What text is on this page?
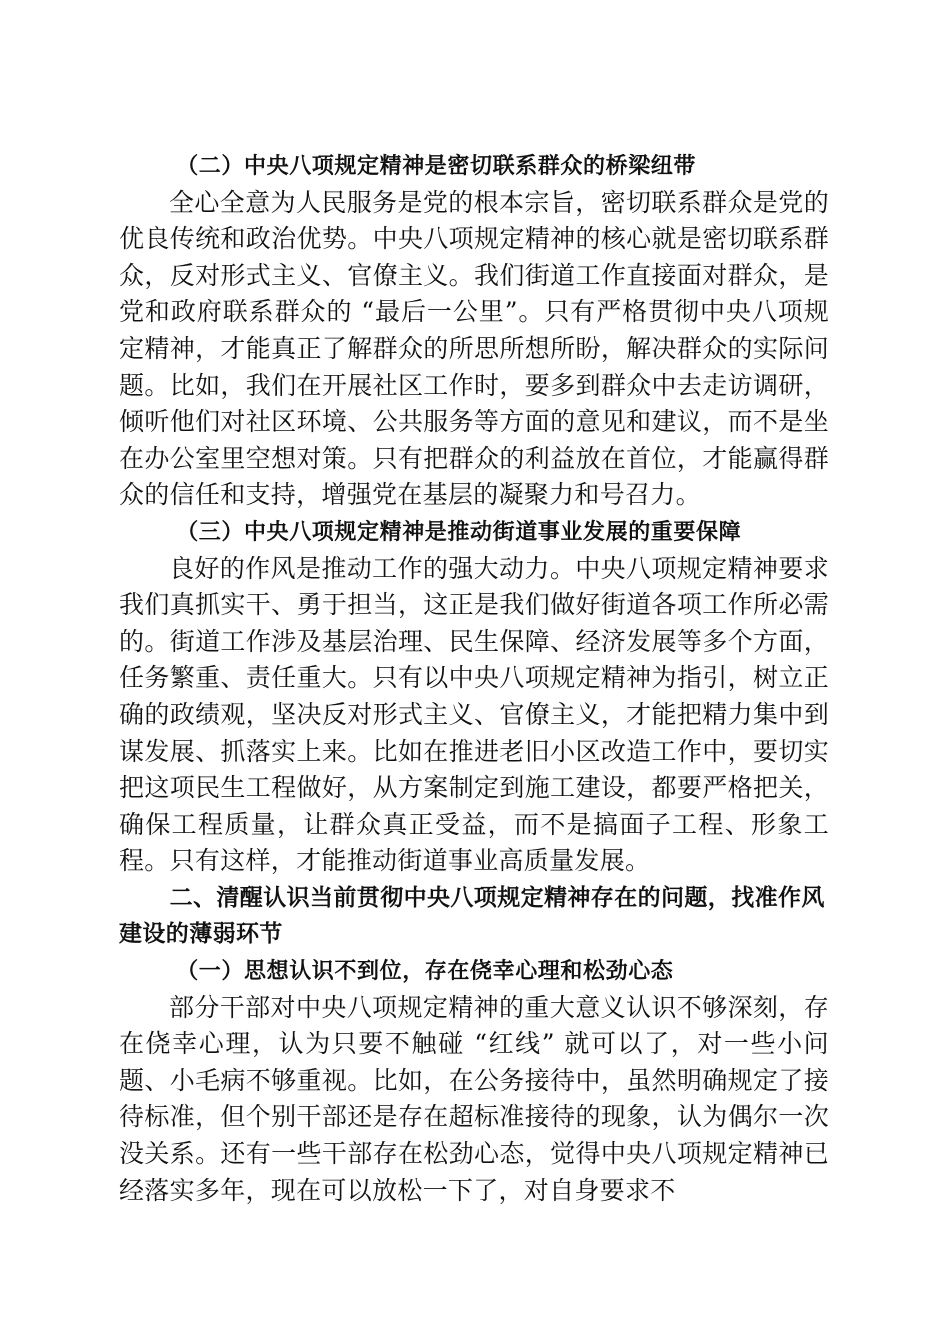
（二）中央八项规定精神是密切联系群众的桥梁纽带

全心全意为人民服务是党的根本宗旨，密切联系群众是党的优良传统和政治优势。中央八项规定精神的核心就是密切联系群众，反对形式主义、官僚主义。我们街道工作直接面对群众，是党和政府联系群众的 “最后一公里”。只有严格贯彻中央八项规定精神，才能真正了解群众的所思所想所盼，解决群众的实际问题。比如，我们在开展社区工作时，要多到群众中去走访调研，倾听他们对社区环境、公共服务等方面的意见和建议，而不是坐在办公室里空想对策。只有把群众的利益放在首位，才能赢得群众的信任和支持，增强党在基层的凝聚力和号召力。

（三）中央八项规定精神是推动街道事业发展的重要保障

良好的作风是推动工作的强大动力。中央八项规定精神要求我们真抓实干、勇于担当，这正是我们做好街道各项工作所必需的。街道工作涉及基层治理、民生保障、经济发展等多个方面，任务繁重、责任重大。只有以中央八项规定精神为指引，树立正确的政绩观，坚决反对形式主义、官僚主义，才能把精力集中到谋发展、抓落实上来。比如在推进老旧小区改造工作中，要切实把这项民生工程做好，从方案制定到施工建设，都要严格把关，确保工程质量，让群众真正受益，而不是搞面子工程、形象工程。只有这样，才能推动街道事业高质量发展。

二、清醒认识当前贯彻中央八项规定精神存在的问题，找准作风建设的薄弱环节

（一）思想认识不到位，存在侥幸心理和松劲心态

部分干部对中央八项规定精神的重大意义认识不够深刻，存在侥幸心理，认为只要不触碰 “红线” 就可以了，对一些小问题、小毛病不够重视。比如，在公务接待中，虽然明确规定了接待标准，但个别干部还是存在超标准接待的现象，认为偶尔一次没关系。还有一些干部存在松劲心态，觉得中央八项规定精神已经落实多年，现在可以放松一下了，对自身要求不
